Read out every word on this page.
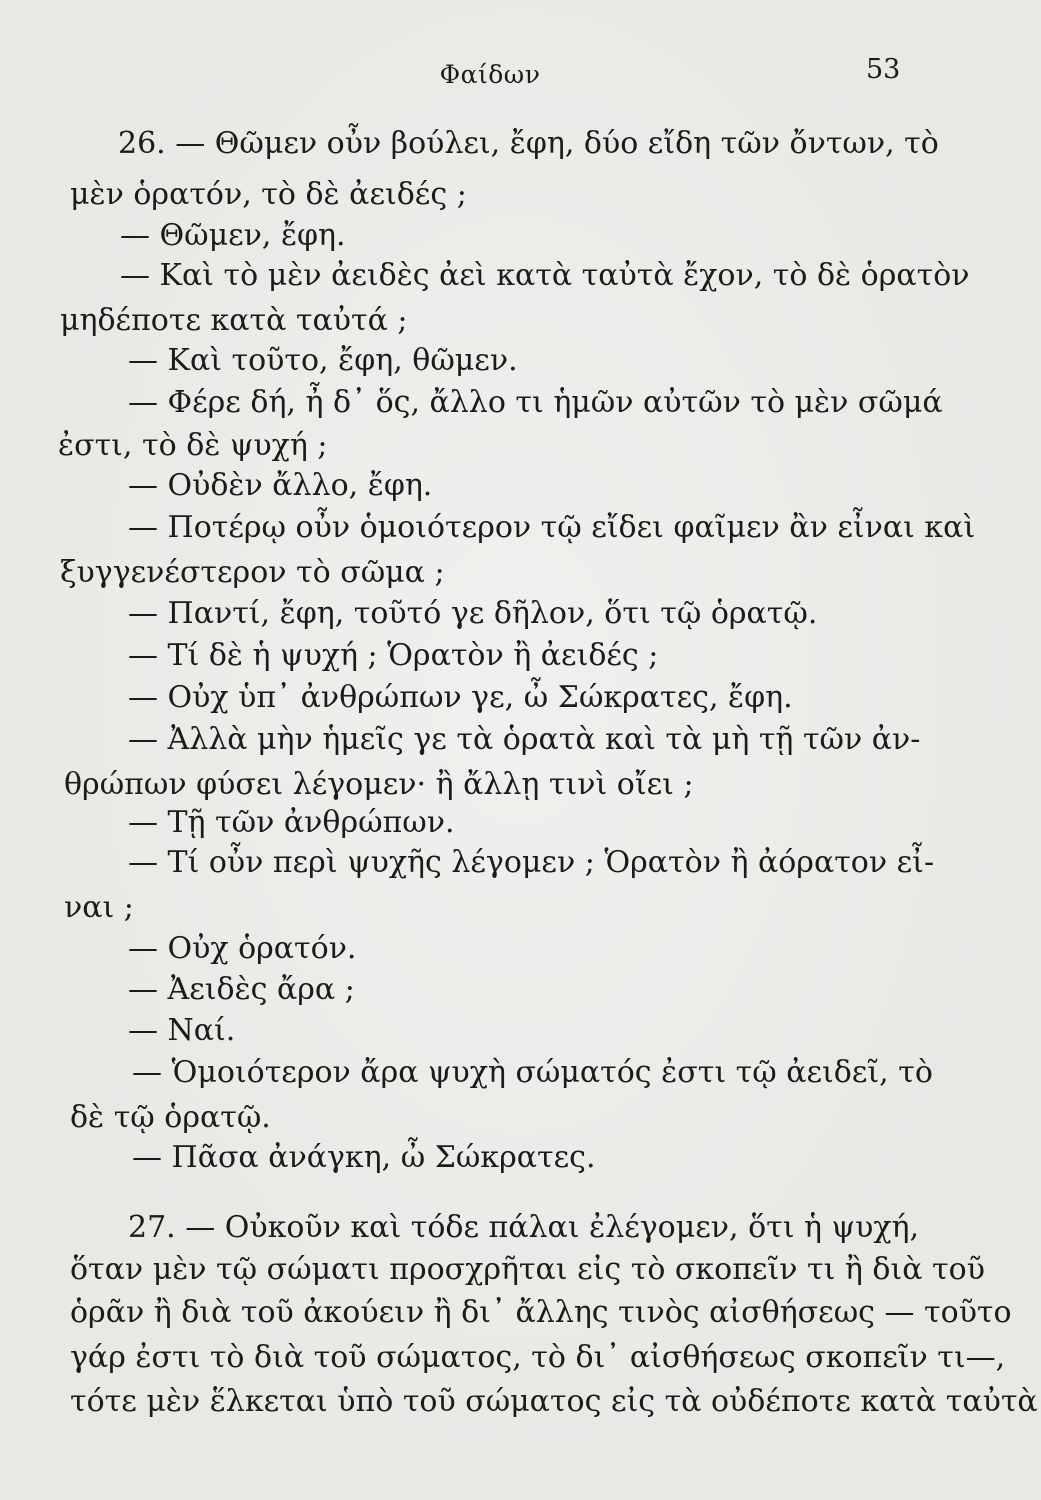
Φαίδων	53
26. — Θῶμεν οὖν βούλει, ἔφη, δύο εἴδη τῶν ὄντων, τὸ
μὲν ὁρατόν, τὸ δὲ ἀειδές ;
— Θῶμεν, ἔφη.
— Καὶ τὸ μὲν ἀειδὲς ἀεὶ κατὰ ταὐτὰ ἔχον, τὸ δὲ ὁρατὸν
μηδέποτε κατὰ ταὐτά ;
— Καὶ τοῦτο, ἔφη, θῶμεν.
— Φέρε δή, ἦ δ᾽ ὅς, ἄλλο τι ἡμῶν αὐτῶν τὸ μὲν σῶμά
ἐστι, τὸ δὲ ψυχή ;
— Οὐδὲν ἄλλο, ἔφη.
— Ποτέρῳ οὖν ὁμοιότερον τῷ εἴδει φαῖμεν ἂν εἶναι καὶ
ξυγγενέστερον τὸ σῶμα ;
— Παντί, ἔφη, τοῦτό γε δῆλον, ὅτι τῷ ὁρατῷ.
— Τί δὲ ἡ ψυχή ; Ὁρατὸν ἢ ἀειδές ;
— Οὐχ ὑπ᾽ ἀνθρώπων γε, ὦ Σώκρατες, ἔφη.
— Ἀλλὰ μὴν ἡμεῖς γε τὰ ὁρατὰ καὶ τὰ μὴ τῇ τῶν ἀν-
θρώπων φύσει λέγομεν· ἢ ἄλλῃ τινὶ οἴει ;
— Τῇ τῶν ἀνθρώπων.
— Τί οὖν περὶ ψυχῆς λέγομεν ; Ὁρατὸν ἢ ἀόρατον εἶ-
ναι ;
— Οὐχ ὁρατόν.
— Ἀειδὲς ἄρα ;
— Ναί.
— Ὁμοιότερον ἄρα ψυχὴ σώματός ἐστι τῷ ἀειδεῖ, τὸ
δὲ τῷ ὁρατῷ.
— Πᾶσα ἀνάγκη, ὦ Σώκρατες.
27. — Οὐκοῦν καὶ τόδε πάλαι ἐλέγομεν, ὅτι ἡ ψυχή,
ὅταν μὲν τῷ σώματι προσχρῆται εἰς τὸ σκοπεῖν τι ἢ διὰ τοῦ
ὁρᾶν ἢ διὰ τοῦ ἀκούειν ἢ δι᾽ ἄλλης τινὸς αἰσθήσεως — τοῦτο
γάρ ἐστι τὸ διὰ τοῦ σώματος, τὸ δι᾽ αἰσθήσεως σκοπεῖν τι—,
τότε μὲν ἕλκεται ὑπὸ τοῦ σώματος εἰς τὰ οὐδέποτε κατὰ ταὐτὰ
